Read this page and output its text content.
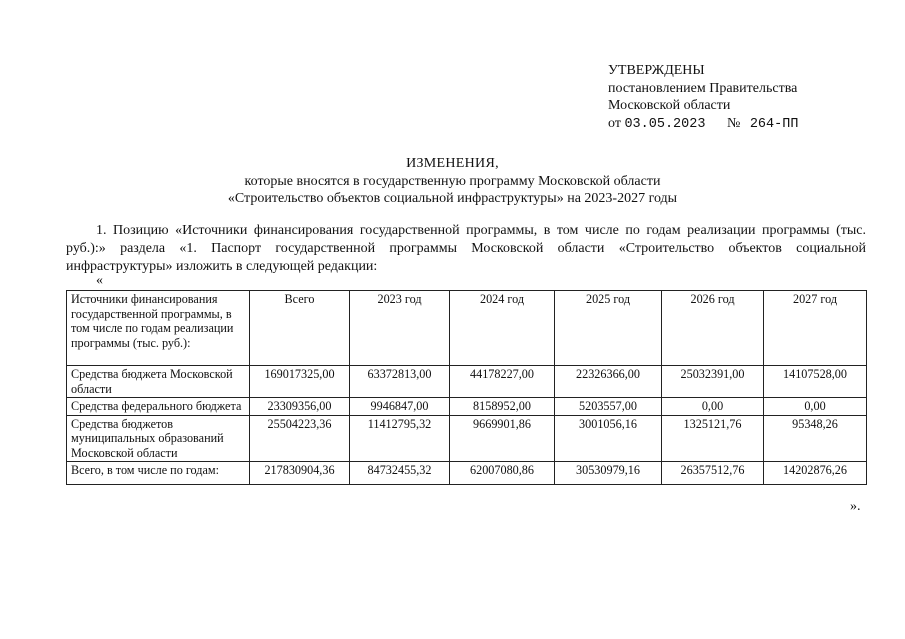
УТВЕРЖДЕНЫ
постановлением Правительства
Московской области
от 03.05.2023 № 264-ПП
ИЗМЕНЕНИЯ,
которые вносятся в государственную программу Московской области
«Строительство объектов социальной инфраструктуры» на 2023-2027 годы
1. Позицию «Источники финансирования государственной программы, в том числе по годам реализации программы (тыс. руб.):» раздела «1. Паспорт государственной программы Московской области «Строительство объектов социальной инфраструктуры» изложить в следующей редакции:
«
Источники финансирования государственной программы, в том числе по годам реализации программы (тыс. руб.):	Всего	2023 год	2024 год	2025 год	2026 год	2027 год
Средства бюджета Московской области	169017325,00	63372813,00	44178227,00	22326366,00	25032391,00	14107528,00
Средства федерального бюджета	23309356,00	9946847,00	8158952,00	5203557,00	0,00	0,00
Средства бюджетов муниципальных образований Московской области	25504223,36	11412795,32	9669901,86	3001056,16	1325121,76	95348,26
Всего, в том числе по годам:	217830904,36	84732455,32	62007080,86	30530979,16	26357512,76	14202876,26
».
